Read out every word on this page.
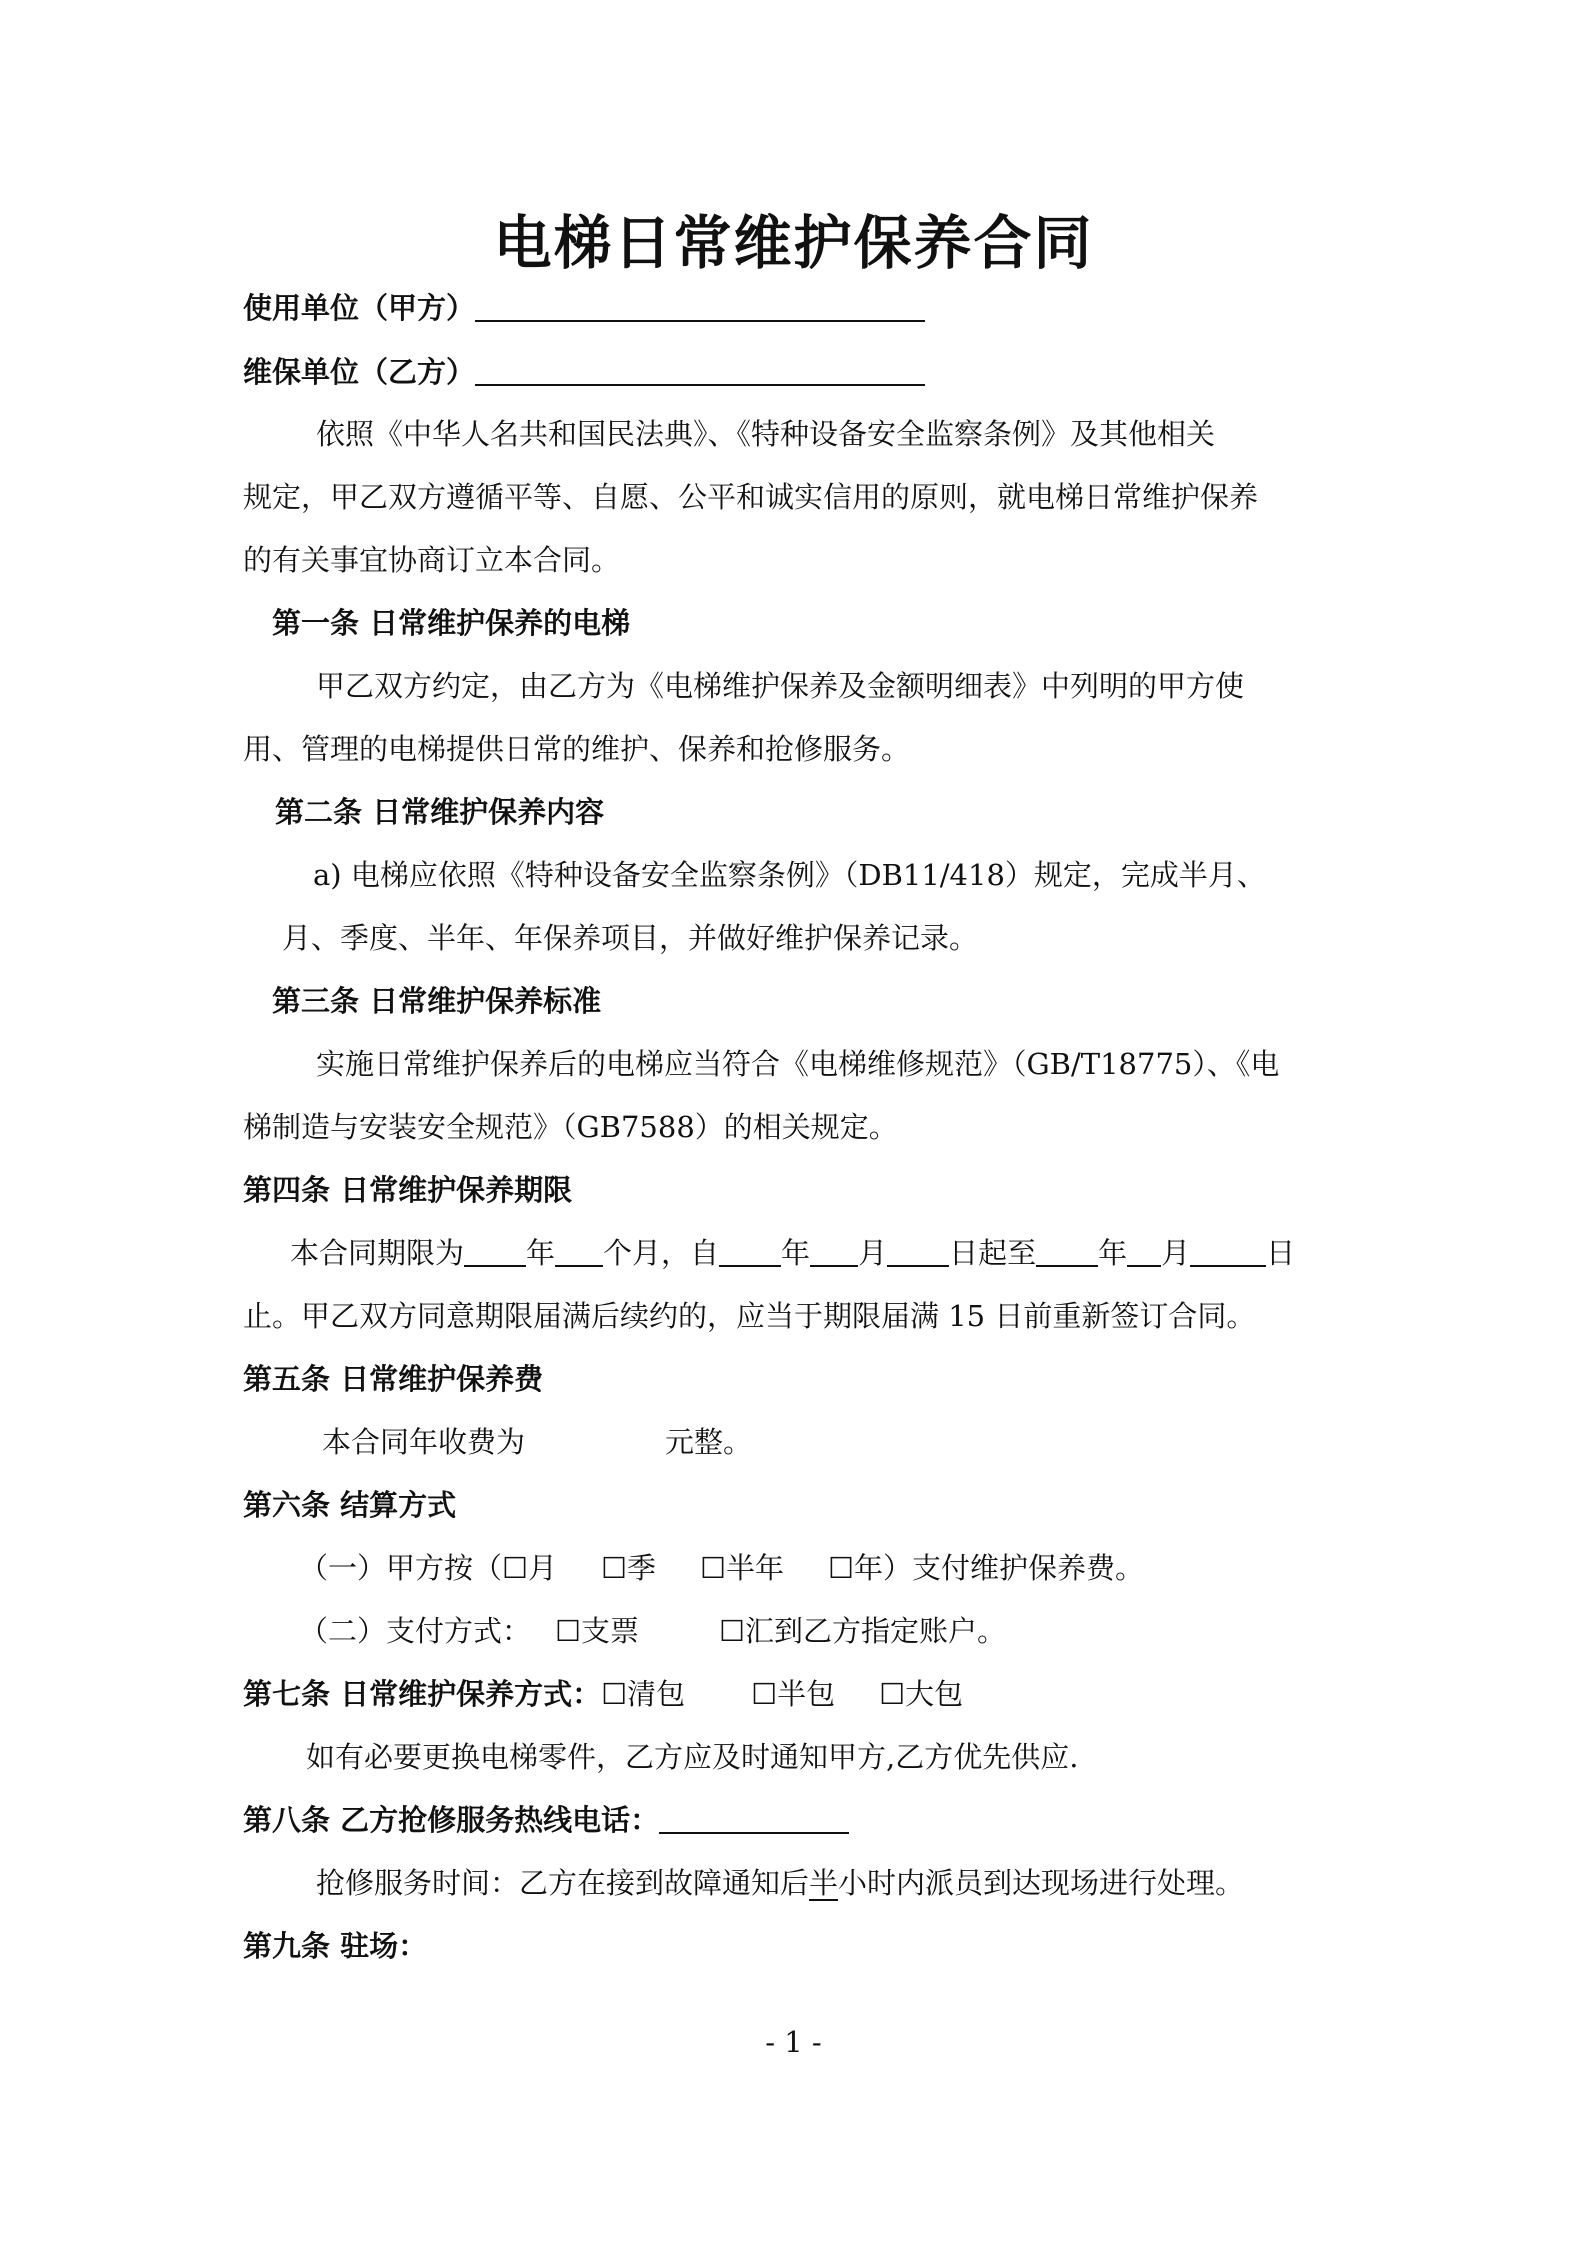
电梯日常维护保养合同
使用单位（甲方）
维保单位（乙方）
依照《中华人名共和国民法典》、《特种设备安全监察条例》及其他相关
规定，甲乙双方遵循平等、自愿、公平和诚实信用的原则，就电梯日常维护保养
的有关事宜协商订立本合同。
第一条 日常维护保养的电梯
甲乙双方约定，由乙方为《电梯维护保养及金额明细表》中列明的甲方使
用、管理的电梯提供日常的维护、保养和抢修服务。
第二条 日常维护保养内容
a) 电梯应依照《特种设备安全监察条例》（DB11/418）规定，完成半月、
月、季度、半年、年保养项目，并做好维护保养记录。
第三条 日常维护保养标准
实施日常维护保养后的电梯应当符合《电梯维修规范》（GB/T18775）、《电
梯制造与安装安全规范》（GB7588）的相关规定。
第四条 日常维护保养期限
本合同期限为 年 个月，自 年 月 日起至 年 月	日
止。甲乙双方同意期限届满后续约的，应当于期限届满 15 日前重新签订合同。
第五条 日常维护保养费
本合同年收费为	元整。
第六条 结算方式
（一）甲方按（☐月 ☐季 ☐半年 ☐年）支付维护保养费。
（二）支付方式： ☐支票	☐汇到乙方指定账户。
第七条 日常维护保养方式：☐清包 ☐半包 ☐大包
如有必要更换电梯零件，乙方应及时通知甲方,乙方优先供应.
第八条 乙方抢修服务热线电话：
抢修服务时间：乙方在接到故障通知后半小时内派员到达现场进行处理。
第九条 驻场：
- 1 -
